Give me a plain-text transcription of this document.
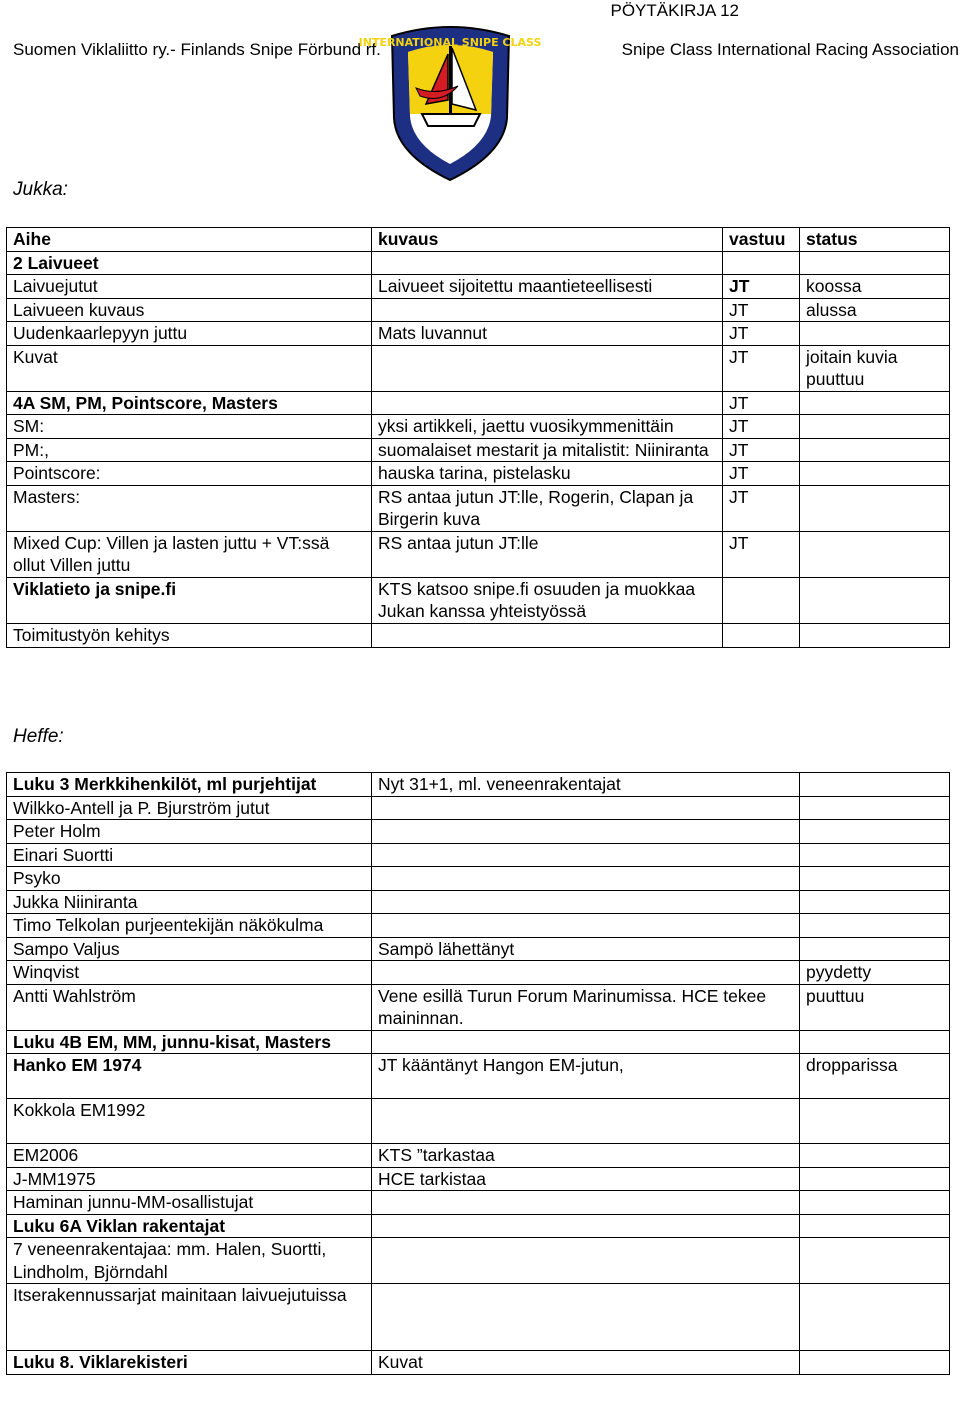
PÖYTÄKIRJA 12
Suomen Viklaliitto ry.- Finlands Snipe Förbund rf.	Snipe Class International Racing Association
INTERNATIONAL SNIPE CLASS
Jukka:
Aihe	kuvaus	vastuu	status
2 Laivueet			
Laivuejutut	Laivueet sijoitettu maantieteellisesti	JT	koossa
Laivueen kuvaus		JT	alussa
Uudenkaarlepyyn juttu	Mats luvannut	JT	
Kuvat		JT	joitain kuvia puuttuu
4A SM, PM, Pointscore, Masters		JT	
SM:	yksi artikkeli, jaettu vuosikymmenittäin	JT	
PM:,	suomalaiset mestarit ja mitalistit: Niiniranta	JT	
Pointscore:	hauska tarina, pistelasku	JT	
Masters:	RS antaa jutun JT:lle, Rogerin, Clapan ja Birgerin kuva	JT	
Mixed Cup: Villen ja lasten juttu + VT:ssä ollut Villen juttu	RS antaa jutun JT:lle	JT	
Viklatieto ja snipe.fi	KTS katsoo snipe.fi osuuden ja muokkaa Jukan kanssa yhteistyössä		
Toimitustyön kehitys			
Heffe:
Luku 3 Merkkihenkilöt, ml purjehtijat	Nyt 31+1, ml. veneenrakentajat	
Wilkko-Antell ja P. Bjurström jutut		
Peter Holm		
Einari Suortti		
Psyko		
Jukka Niiniranta		
Timo Telkolan purjeentekijän näkökulma		
Sampo Valjus	Sampö lähettänyt	
Winqvist		pyydetty
Antti Wahlström	Vene esillä Turun Forum Marinumissa. HCE tekee maininnan.	puuttuu
Luku 4B EM, MM, junnu-kisat, Masters		
Hanko EM 1974	JT kääntänyt Hangon EM-jutun,	dropparissa
Kokkola EM1992		
EM2006	KTS ”tarkastaa	
J-MM1975	HCE tarkistaa	
Haminan junnu-MM-osallistujat		
Luku 6A Viklan rakentajat		
7 veneenrakentajaa: mm. Halen, Suortti, Lindholm, Björndahl		
Itserakennussarjat mainitaan laivuejutuissa		
Luku 8. Viklarekisteri	Kuvat	
